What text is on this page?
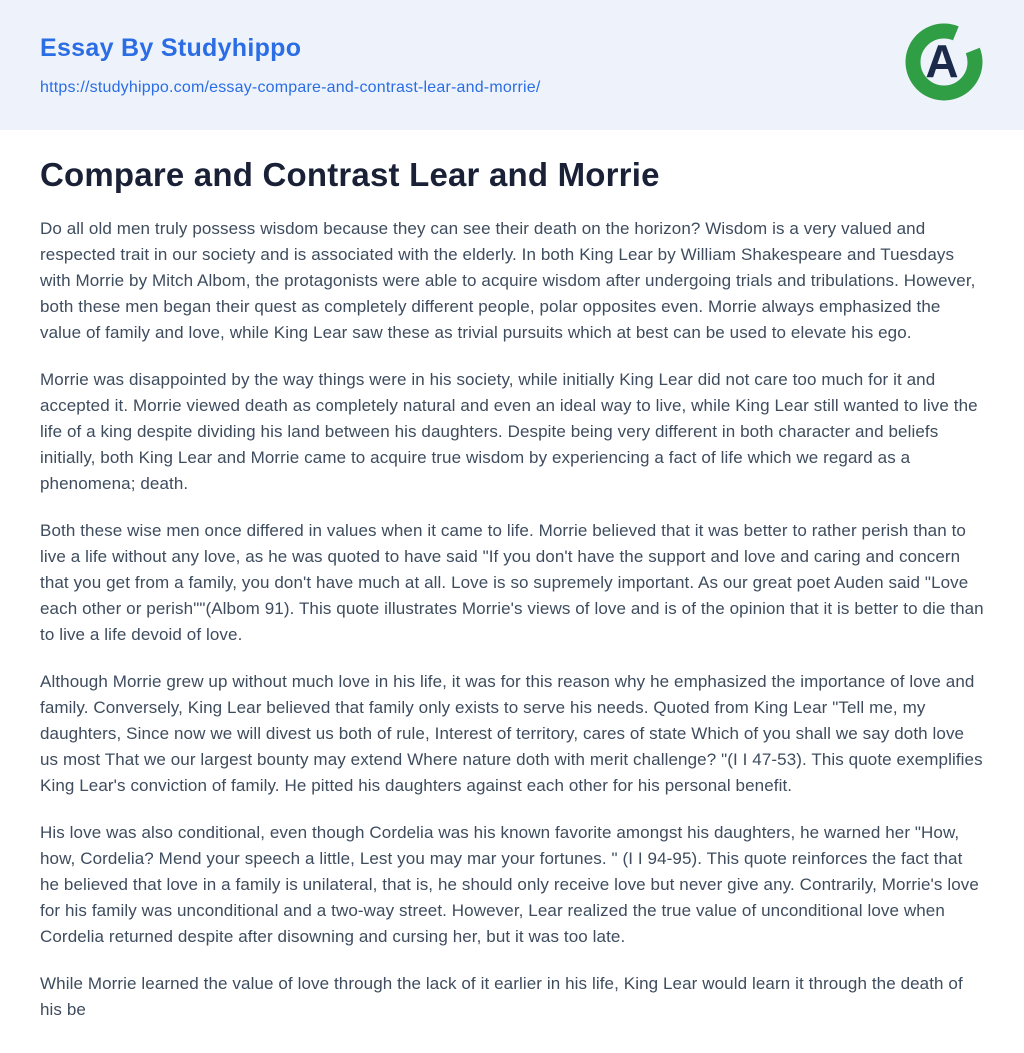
Essay By Studyhippo
https://studyhippo.com/essay-compare-and-contrast-lear-and-morrie/
A
Compare and Contrast Lear and Morrie

Do all old men truly possess wisdom because they can see their death on the horizon? Wisdom is a very valued and respected trait in our society and is associated with the elderly. In both King Lear by William Shakespeare and Tuesdays with Morrie by Mitch Albom, the protagonists were able to acquire wisdom after undergoing trials and tribulations. However, both these men began their quest as completely different people, polar opposites even. Morrie always emphasized the value of family and love, while King Lear saw these as trivial pursuits which at best can be used to elevate his ego.

Morrie was disappointed by the way things were in his society, while initially King Lear did not care too much for it and accepted it. Morrie viewed death as completely natural and even an ideal way to live, while King Lear still wanted to live the life of a king despite dividing his land between his daughters. Despite being very different in both character and beliefs initially, both King Lear and Morrie came to acquire true wisdom by experiencing a fact of life which we regard as a phenomena; death.

Both these wise men once differed in values when it came to life. Morrie believed that it was better to rather perish than to live a life without any love, as he was quoted to have said "If you don't have the support and love and caring and concern that you get from a family, you don't have much at all. Love is so supremely important. As our great poet Auden said "Love each other or perish""(Albom 91). This quote illustrates Morrie's views of love and is of the opinion that it is better to die than to live a life devoid of love.

Although Morrie grew up without much love in his life, it was for this reason why he emphasized the importance of love and family. Conversely, King Lear believed that family only exists to serve his needs. Quoted from King Lear "Tell me, my daughters, Since now we will divest us both of rule, Interest of territory, cares of state Which of you shall we say doth love us most That we our largest bounty may extend Where nature doth with merit challenge? "(I I 47-53). This quote exemplifies King Lear's conviction of family. He pitted his daughters against each other for his personal benefit.

His love was also conditional, even though Cordelia was his known favorite amongst his daughters, he warned her "How, how, Cordelia? Mend your speech a little, Lest you may mar your fortunes. " (I I 94-95). This quote reinforces the fact that he believed that love in a family is unilateral, that is, he should only receive love but never give any. Contrarily, Morrie's love for his family was unconditional and a two-way street. However, Lear realized the true value of unconditional love when Cordelia returned despite after disowning and cursing her, but it was too late.

While Morrie learned the value of love through the lack of it earlier in his life, King Lear would learn it through the death of his be
